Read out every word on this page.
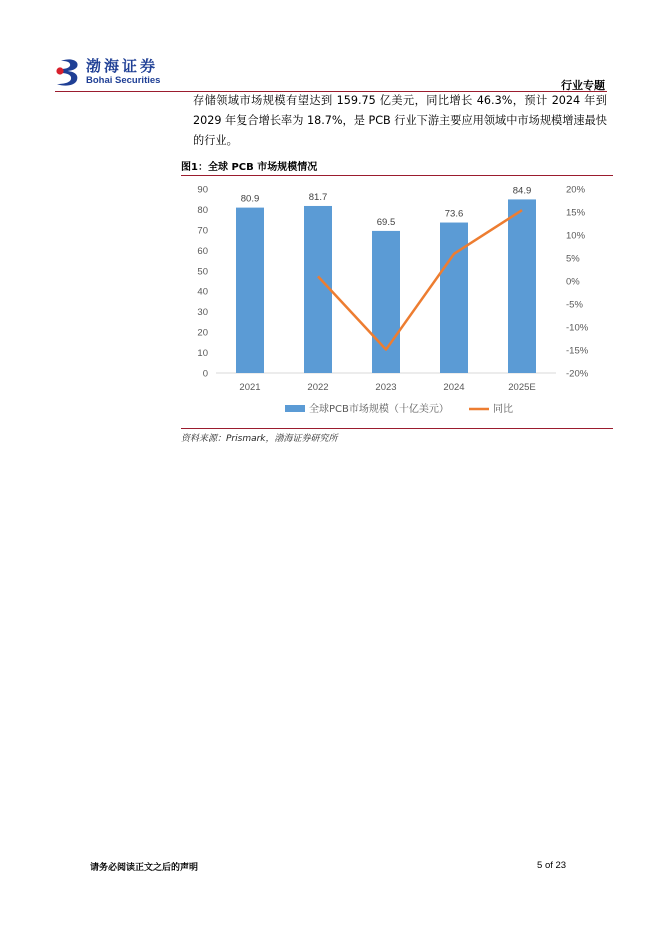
渤海证券
Bohai Securities	行业专题
存储领域市场规模有望达到 159.75 亿美元，同比增长 46.3%，预计 2024 年到 2029 年复合增长率为 18.7%，是 PCB 行业下游主要应用领域中市场规模增速最快的行业。
图1：全球 PCB 市场规模情况
0
10
20
30
40
50
60
70
80
90
-20%
-15%
-10%
-5%
0%
5%
10%
15%
20%
80.9	81.7
69.5
73.6
84.9
2021	2022	2023	2024	2025E
全球PCB市场规模（十亿美元）	同比
资料来源：Prismark，渤海证券研究所
请务必阅读正文之后的声明	5 of 23
